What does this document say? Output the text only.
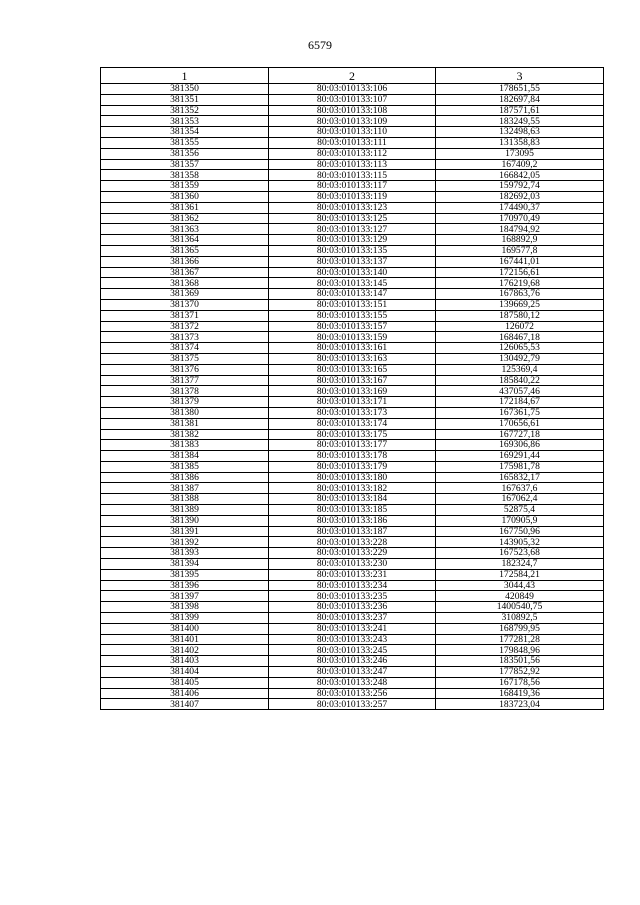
6579
1	2	3
381350	80:03:010133:106	178651,55
381351	80:03:010133:107	182697,84
381352	80:03:010133:108	187571,61
381353	80:03:010133:109	183249,55
381354	80:03:010133:110	132498,63
381355	80:03:010133:111	131358,83
381356	80:03:010133:112	173095
381357	80:03:010133:113	167409,2
381358	80:03:010133:115	166842,05
381359	80:03:010133:117	159792,74
381360	80:03:010133:119	182692,03
381361	80:03:010133:123	174490,37
381362	80:03:010133:125	170970,49
381363	80:03:010133:127	184794,92
381364	80:03:010133:129	168892,9
381365	80:03:010133:135	169577,8
381366	80:03:010133:137	167441,01
381367	80:03:010133:140	172156,61
381368	80:03:010133:145	176219,68
381369	80:03:010133:147	167863,76
381370	80:03:010133:151	139669,25
381371	80:03:010133:155	187580,12
381372	80:03:010133:157	126072
381373	80:03:010133:159	168467,18
381374	80:03:010133:161	126065,53
381375	80:03:010133:163	130492,79
381376	80:03:010133:165	125369,4
381377	80:03:010133:167	185840,22
381378	80:03:010133:169	437057,46
381379	80:03:010133:171	172184,67
381380	80:03:010133:173	167361,75
381381	80:03:010133:174	170656,61
381382	80:03:010133:175	167727,18
381383	80:03:010133:177	169306,86
381384	80:03:010133:178	169291,44
381385	80:03:010133:179	175981,78
381386	80:03:010133:180	165832,17
381387	80:03:010133:182	167637,6
381388	80:03:010133:184	167062,4
381389	80:03:010133:185	52875,4
381390	80:03:010133:186	170905,9
381391	80:03:010133:187	167750,96
381392	80:03:010133:228	143905,32
381393	80:03:010133:229	167523,68
381394	80:03:010133:230	182324,7
381395	80:03:010133:231	172584,21
381396	80:03:010133:234	3044,43
381397	80:03:010133:235	420849
381398	80:03:010133:236	1400540,75
381399	80:03:010133:237	310892,5
381400	80:03:010133:241	168799,95
381401	80:03:010133:243	177281,28
381402	80:03:010133:245	179848,96
381403	80:03:010133:246	183501,56
381404	80:03:010133:247	177852,92
381405	80:03:010133:248	167178,56
381406	80:03:010133:256	168419,36
381407	80:03:010133:257	183723,04
